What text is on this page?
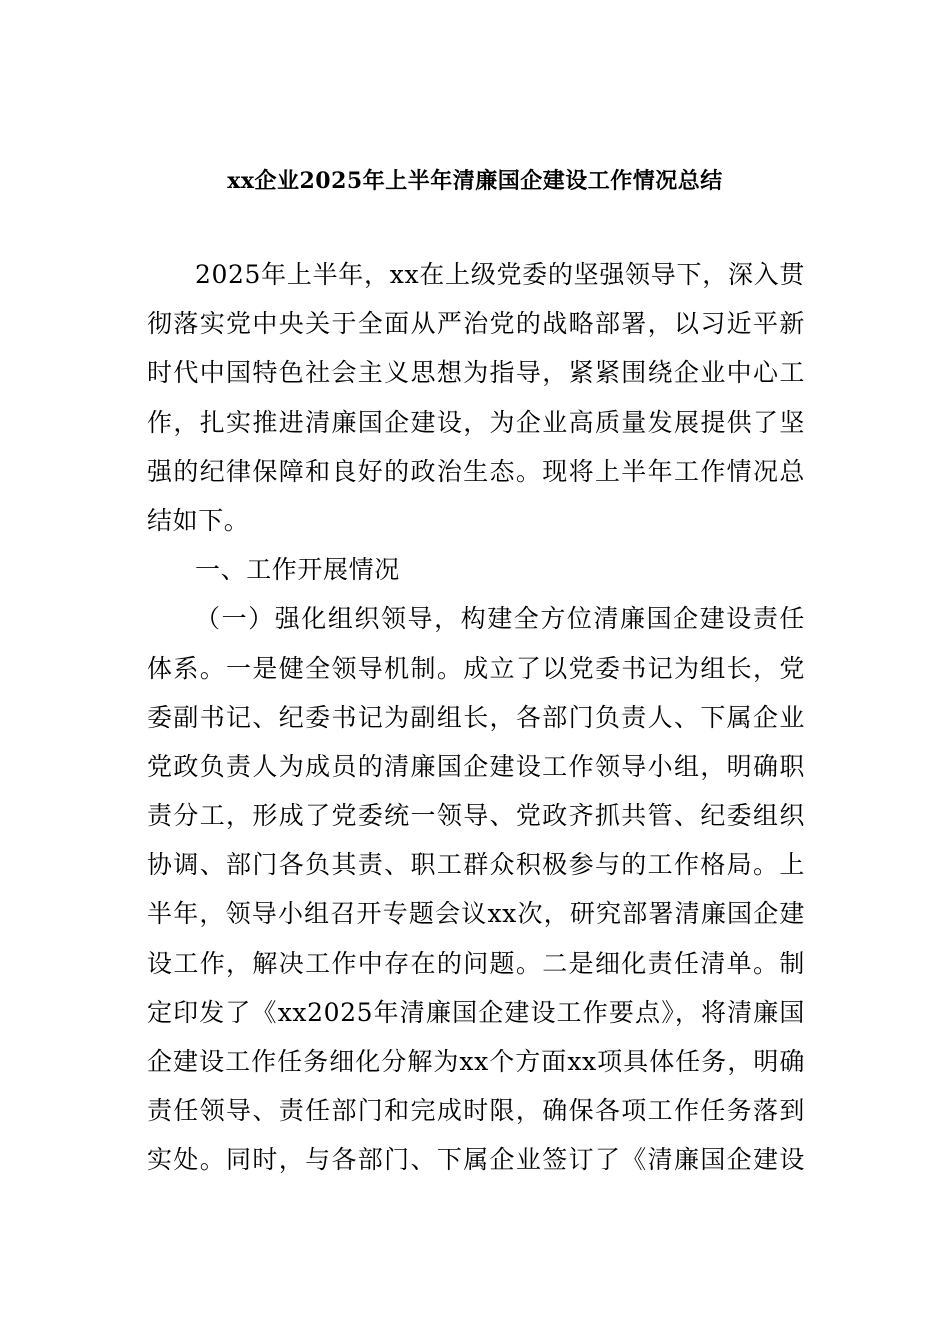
xx企业2025年上半年清廉国企建设工作情况总结
2025年上半年，xx在上级党委的坚强领导下，深入贯
彻落实党中央关于全面从严治党的战略部署，以习近平新
时代中国特色社会主义思想为指导，紧紧围绕企业中心工
作，扎实推进清廉国企建设，为企业高质量发展提供了坚
强的纪律保障和良好的政治生态。现将上半年工作情况总
结如下。
一、工作开展情况
（一）强化组织领导，构建全方位清廉国企建设责任
体系。一是健全领导机制。成立了以党委书记为组长，党
委副书记、纪委书记为副组长，各部门负责人、下属企业
党政负责人为成员的清廉国企建设工作领导小组，明确职
责分工，形成了党委统一领导、党政齐抓共管、纪委组织
协调、部门各负其责、职工群众积极参与的工作格局。上
半年，领导小组召开专题会议xx次，研究部署清廉国企建
设工作，解决工作中存在的问题。二是细化责任清单。制
定印发了《xx2025年清廉国企建设工作要点》，将清廉国
企建设工作任务细化分解为xx个方面xx项具体任务，明确
责任领导、责任部门和完成时限，确保各项工作任务落到
实处。同时，与各部门、下属企业签订了《清廉国企建设
